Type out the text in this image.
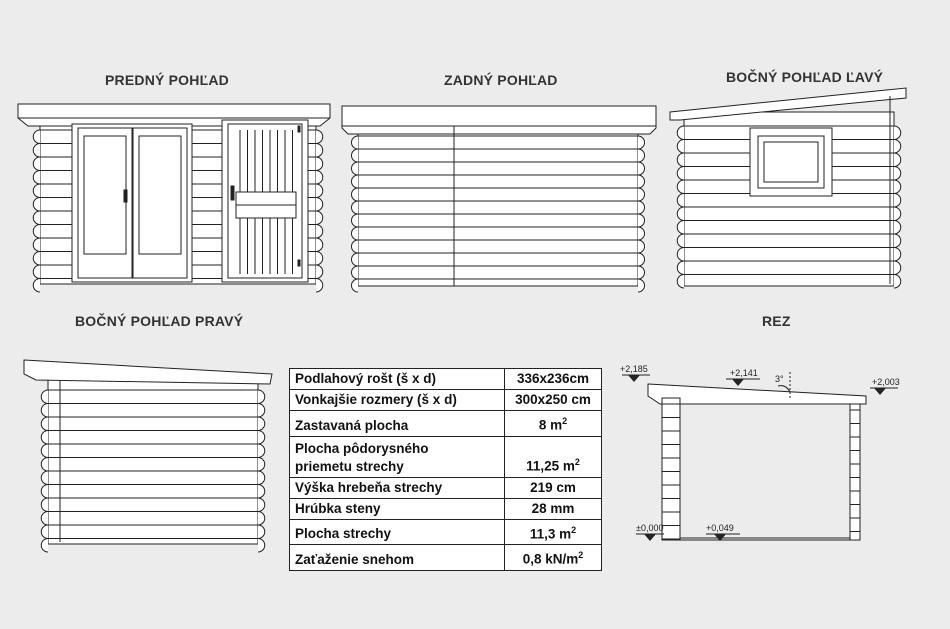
PREDNÝ POHĽAD	ZADNÝ POHĽAD	BOČNÝ POHĽAD ĽAVÝ
BOČNÝ POHĽAD PRAVÝ	REZ
+2,185	+2,141
+2,003
±0,000	+0,049
3°
Podlahový rošt (š x d)	336x236cm
Vonkajšie rozmery (š x d)	300x250 cm
Zastavaná plocha	8 $m^2$
Plocha pôdorysného
priemetu strechy	11,25 $m^2$
Výška hrebeňa strechy	219 cm
Hrúbka steny	28 mm
Plocha strechy	11,3 $m^2$
Zaťaženie snehom	0,8 $kN/m^2$
